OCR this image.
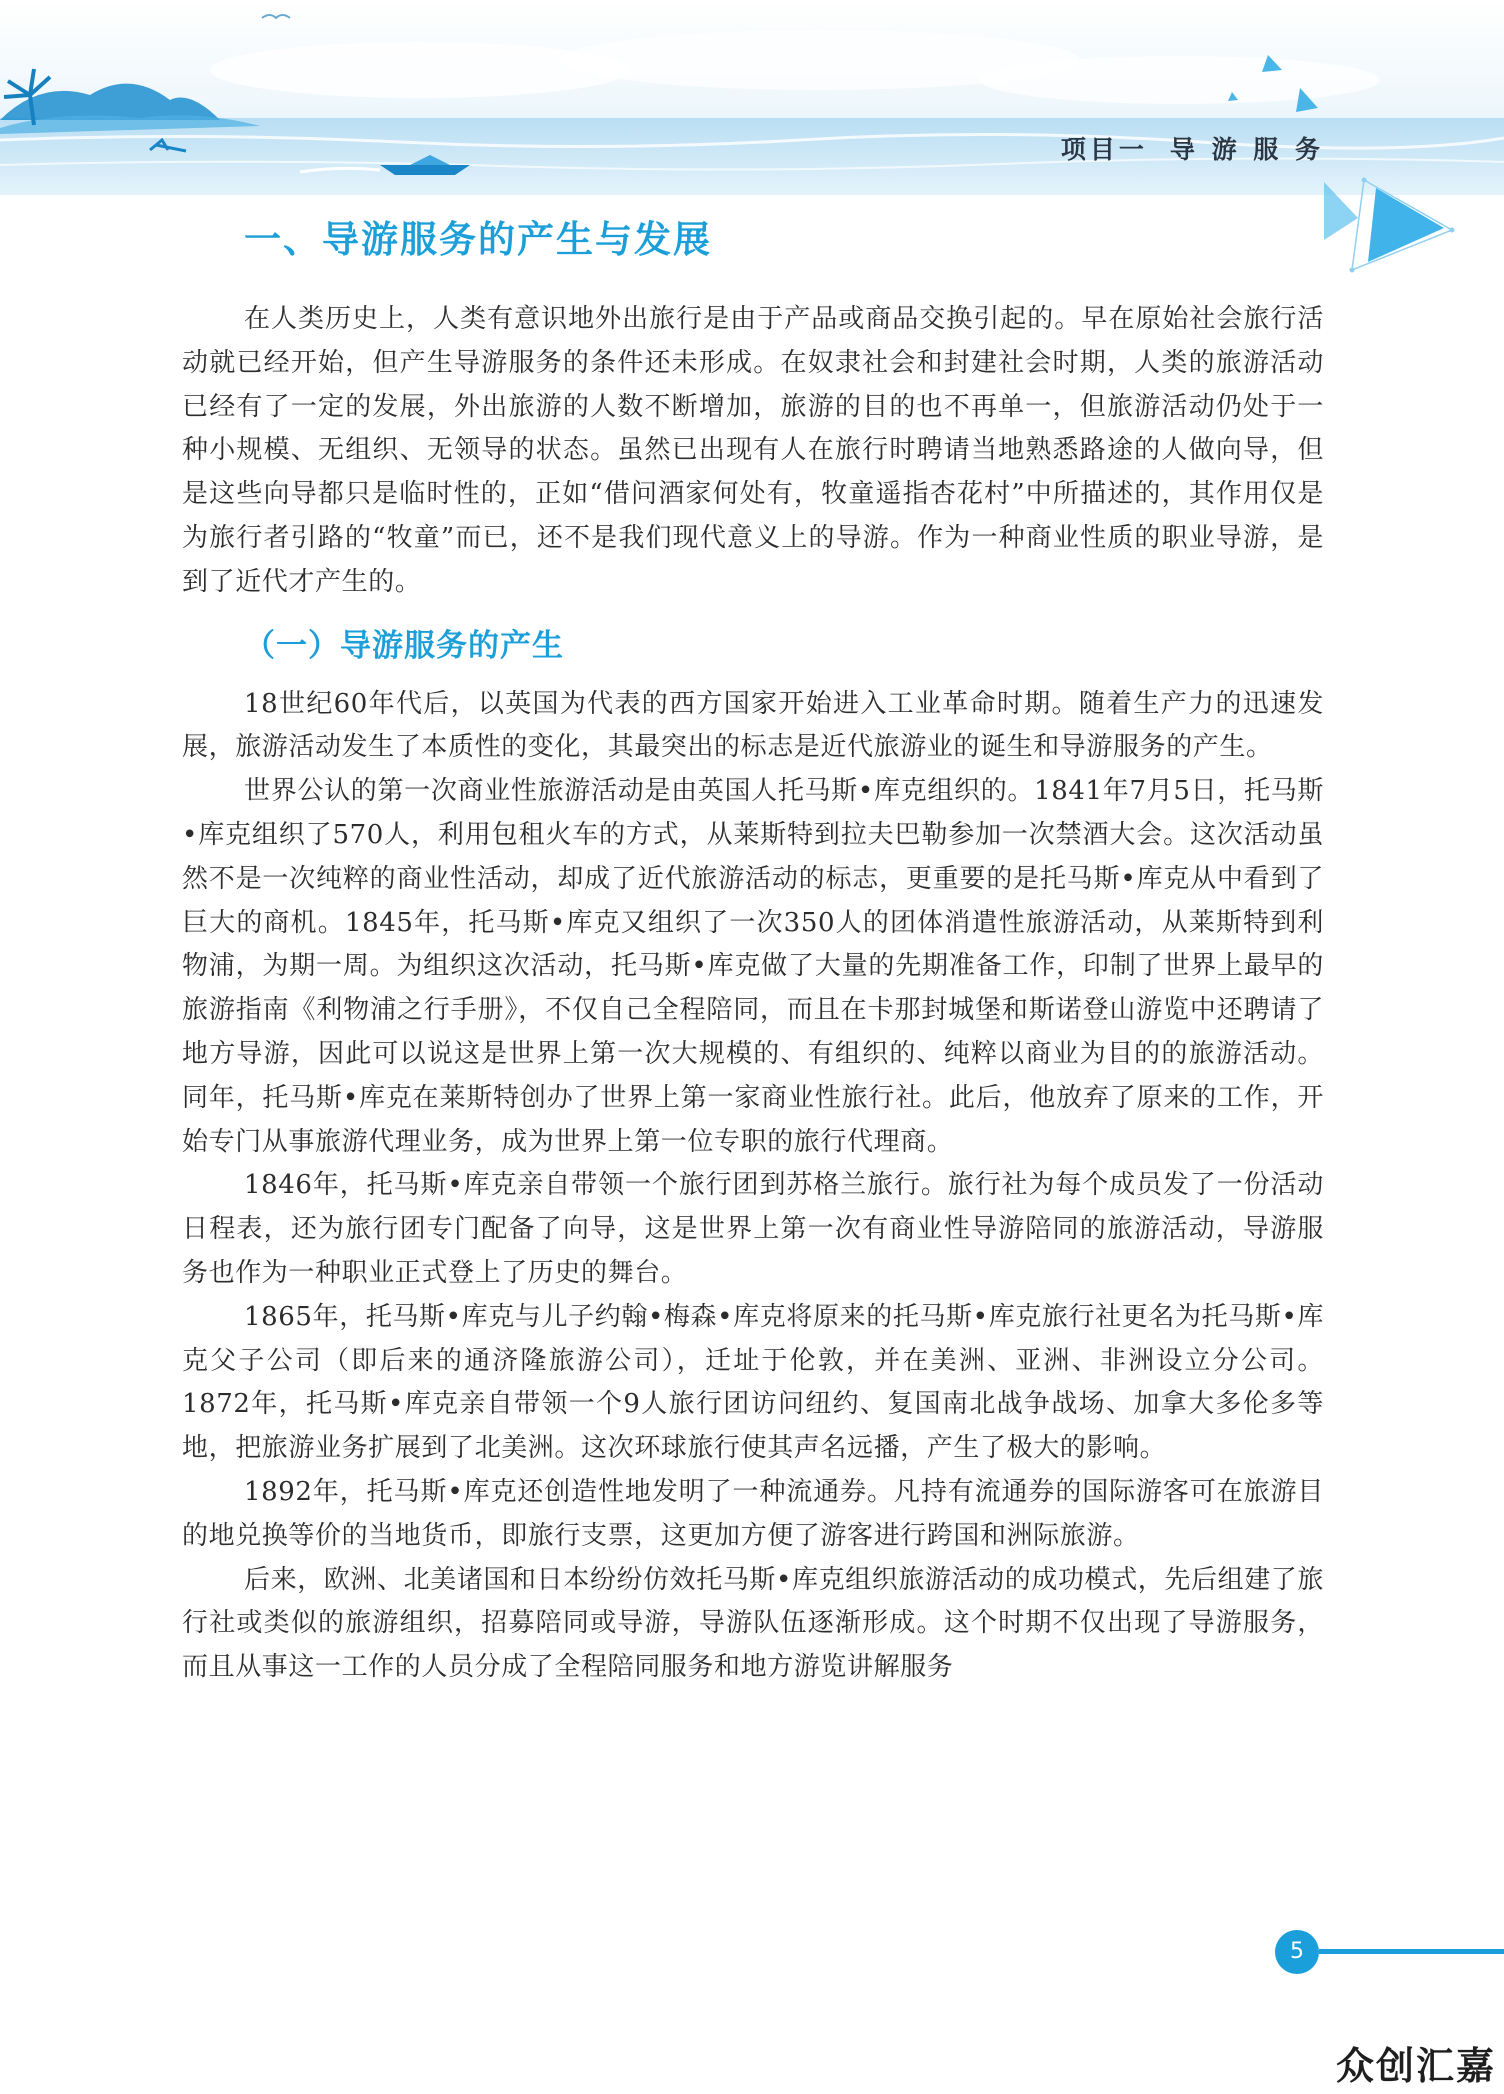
项目一 导 游 服 务
一、导游服务的产生与发展

在人类历史上，人类有意识地外出旅行是由于产品或商品交换引起的。早在原始社会旅行活动就已经开始，但产生导游服务的条件还未形成。在奴隶社会和封建社会时期，人类的旅游活动已经有了一定的发展，外出旅游的人数不断增加，旅游的目的也不再单一，但旅游活动仍处于一种小规模、无组织、无领导的状态。虽然已出现有人在旅行时聘请当地熟悉路途的人做向导，但是这些向导都只是临时性的，正如“借问酒家何处有，牧童遥指杏花村”中所描述的，其作用仅是为旅行者引路的“牧童”而已，还不是我们现代意义上的导游。作为一种商业性质的职业导游，是到了近代才产生的。

（一）导游服务的产生

18世纪60年代后，以英国为代表的西方国家开始进入工业革命时期。随着生产力的迅速发展，旅游活动发生了本质性的变化，其最突出的标志是近代旅游业的诞生和导游服务的产生。

世界公认的第一次商业性旅游活动是由英国人托马斯•库克组织的。1841年7月5日，托马斯•库克组织了570人，利用包租火车的方式，从莱斯特到拉夫巴勒参加一次禁酒大会。这次活动虽然不是一次纯粹的商业性活动，却成了近代旅游活动的标志，更重要的是托马斯•库克从中看到了巨大的商机。1845年，托马斯•库克又组织了一次350人的团体消遣性旅游活动，从莱斯特到利物浦，为期一周。为组织这次活动，托马斯•库克做了大量的先期准备工作，印制了世界上最早的旅游指南《利物浦之行手册》，不仅自己全程陪同，而且在卡那封城堡和斯诺登山游览中还聘请了地方导游，因此可以说这是世界上第一次大规模的、有组织的、纯粹以商业为目的的旅游活动。同年，托马斯•库克在莱斯特创办了世界上第一家商业性旅行社。此后，他放弃了原来的工作，开始专门从事旅游代理业务，成为世界上第一位专职的旅行代理商。

1846年，托马斯•库克亲自带领一个旅行团到苏格兰旅行。旅行社为每个成员发了一份活动日程表，还为旅行团专门配备了向导，这是世界上第一次有商业性导游陪同的旅游活动，导游服务也作为一种职业正式登上了历史的舞台。

1865年，托马斯•库克与儿子约翰•梅森•库克将原来的托马斯•库克旅行社更名为托马斯•库克父子公司（即后来的通济隆旅游公司），迁址于伦敦，并在美洲、亚洲、非洲设立分公司。1872年，托马斯•库克亲自带领一个9人旅行团访问纽约、复国南北战争战场、加拿大多伦多等地，把旅游业务扩展到了北美洲。这次环球旅行使其声名远播，产生了极大的影响。

1892年，托马斯•库克还创造性地发明了一种流通券。凡持有流通券的国际游客可在旅游目的地兑换等价的当地货币，即旅行支票，这更加方便了游客进行跨国和洲际旅游。

后来，欧洲、北美诸国和日本纷纷仿效托马斯•库克组织旅游活动的成功模式，先后组建了旅行社或类似的旅游组织，招募陪同或导游，导游队伍逐渐形成。这个时期不仅出现了导游服务，而且从事这一工作的人员分成了全程陪同服务和地方游览讲解服务

5
众创汇嘉
